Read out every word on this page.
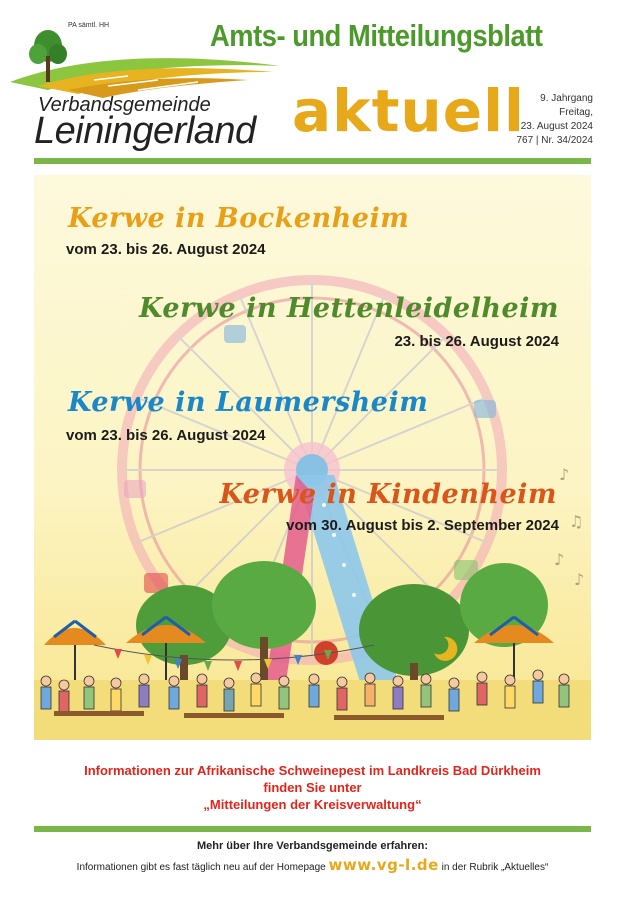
PA sämtl. HH
Verbandsgemeinde
Leiningerland
Amts- und Mitteilungsblatt
aktuell	9. Jahrgang
Freitag,
23. August 2024
767 | Nr. 34/2024
♪
♫
♪
♪
Kerwe in Bockenheim
vom 23. bis 26. August 2024
Kerwe in Hettenleidelheim
23. bis 26. August 2024
Kerwe in Laumersheim
vom 23. bis 26. August 2024
Kerwe in Kindenheim
vom 30. August bis 2. September 2024
Informationen zur Afrikanische Schweinepest im Landkreis Bad Dürkheim
finden Sie unter
„Mitteilungen der Kreisverwaltung“
Mehr über Ihre Verbandsgemeinde erfahren:
Informationen gibt es fast täglich neu auf der Homepage www.vg-l.de in der Rubrik „Aktuelles“
